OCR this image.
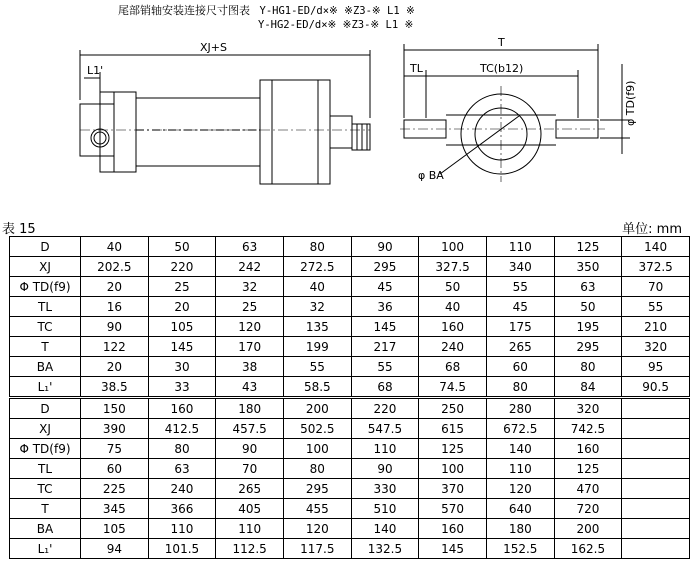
尾部销轴安装连接尺寸图表 Y-HG1-ED/d×※ ※Z3-※ L1 ※
Y-HG2-ED/d×※ ※Z3-※ L1 ※
XJ+S
L1'
T
TL	TC(b12)
φ BA
φ TD(f9)
表 15	单位: mm
D	40	50	63	80	90	100	110	125	140
XJ	202.5	220	242	272.5	295	327.5	340	350	372.5
Φ TD(f9)	20	25	32	40	45	50	55	63	70
TL	16	20	25	32	36	40	45	50	55
TC	90	105	120	135	145	160	175	195	210
T	122	145	170	199	217	240	265	295	320
BA	20	30	38	55	55	68	60	80	95
L₁'	38.5	33	43	58.5	68	74.5	80	84	90.5
D	150	160	180	200	220	250	280	320	
XJ	390	412.5	457.5	502.5	547.5	615	672.5	742.5	
Φ TD(f9)	75	80	90	100	110	125	140	160	
TL	60	63	70	80	90	100	110	125	
TC	225	240	265	295	330	370	120	470	
T	345	366	405	455	510	570	640	720	
BA	105	110	110	120	140	160	180	200	
L₁'	94	101.5	112.5	117.5	132.5	145	152.5	162.5	
